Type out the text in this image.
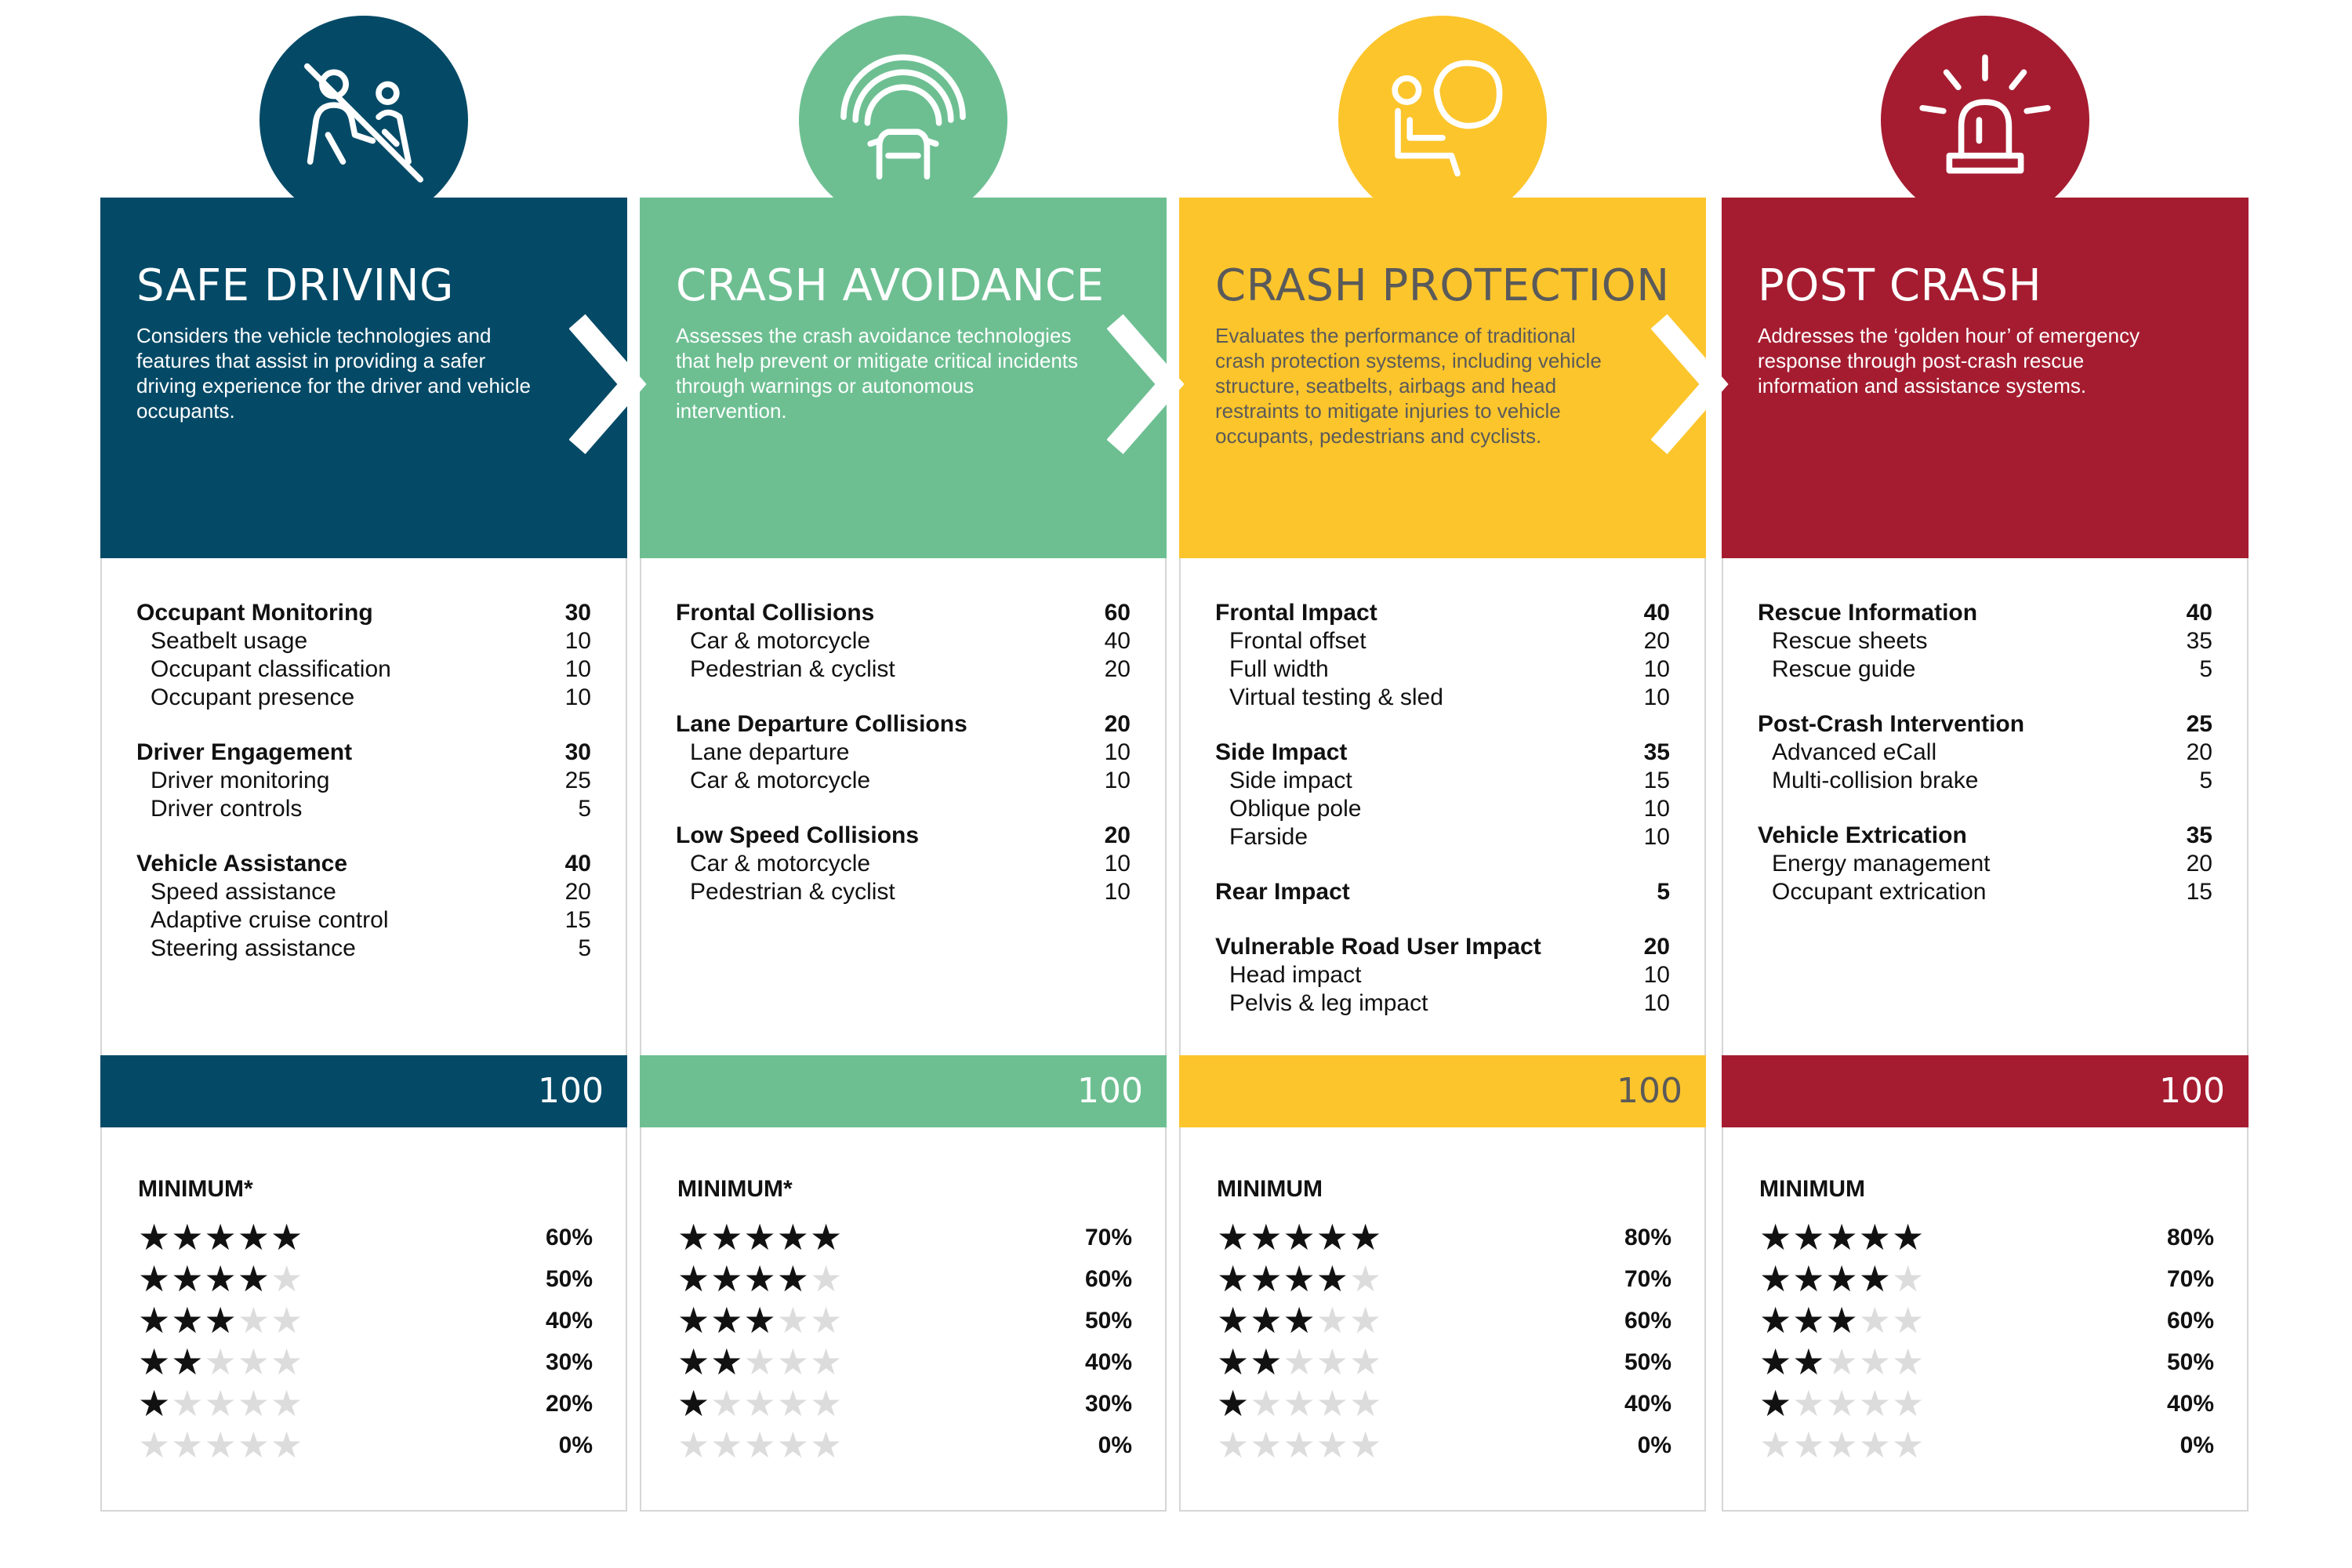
SAFE DRIVING

Considers the vehicle technologies and features that assist in providing a safer driving experience for the driver and vehicle occupants.

Occupant Monitoring	30
Seatbelt usage	10
Occupant classification	10
Occupant presence	10
Driver Engagement	30
Driver monitoring	25
Driver controls	5
Vehicle Assistance	40
Speed assistance	20
Adaptive cruise control	15
Steering assistance	5
100
MINIMUM*
★★★★★	60%
★★★★★	50%
★★★★★	40%
★★★★★	30%
★★★★★	20%
★★★★★	0%
CRASH AVOIDANCE

Assesses the crash avoidance technologies that help prevent or mitigate critical incidents through warnings or autonomous intervention.

Frontal Collisions	60
Car & motorcycle	40
Pedestrian & cyclist	20
Lane Departure Collisions	20
Lane departure	10
Car & motorcycle	10
Low Speed Collisions	20
Car & motorcycle	10
Pedestrian & cyclist	10
100
MINIMUM*
★★★★★	70%
★★★★★	60%
★★★★★	50%
★★★★★	40%
★★★★★	30%
★★★★★	0%
CRASH PROTECTION

Evaluates the performance of traditional crash protection systems, including vehicle structure, seatbelts, airbags and head restraints to mitigate injuries to vehicle occupants, pedestrians and cyclists.

Frontal Impact	40
Frontal offset	20
Full width	10
Virtual testing & sled	10
Side Impact	35
Side impact	15
Oblique pole	10
Farside	10
Rear Impact	5
Vulnerable Road User Impact	20
Head impact	10
Pelvis & leg impact	10
100
MINIMUM
★★★★★	80%
★★★★★	70%
★★★★★	60%
★★★★★	50%
★★★★★	40%
★★★★★	0%
POST CRASH

Addresses the ‘golden hour’ of emergency response through post-crash rescue information and assistance systems.

Rescue Information	40
Rescue sheets	35
Rescue guide	5
Post-Crash Intervention	25
Advanced eCall	20
Multi-collision brake	5
Vehicle Extrication	35
Energy management	20
Occupant extrication	15
100
MINIMUM
★★★★★	80%
★★★★★	70%
★★★★★	60%
★★★★★	50%
★★★★★	40%
★★★★★	0%
